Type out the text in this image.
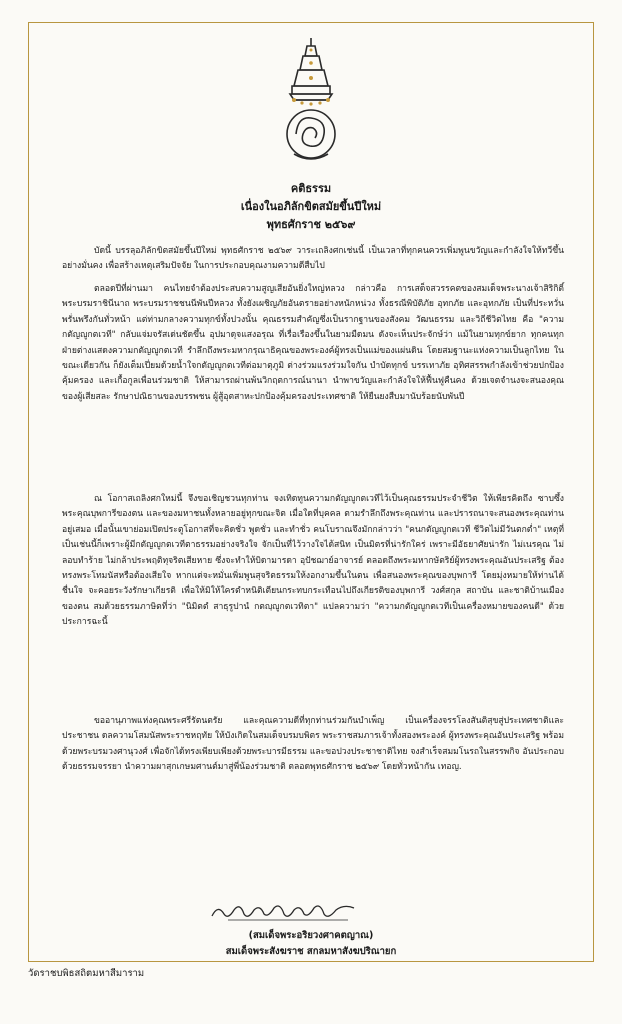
คติธรรม
เนื่องในอภิลักขิตสมัยขึ้นปีใหม่
พุทธศักราช ๒๕๖๙

บัดนี้ บรรลุอภิลักขิตสมัยขึ้นปีใหม่ พุทธศักราช ๒๕๖๙ วาระเถลิงศกเช่นนี้ เป็นเวลาที่ทุกคนควรเพิ่มพูนขวัญและกำลังใจให้ทวีขึ้นอย่างมั่นคง เพื่อสร้างเหตุเสริมปัจจัย ในการประกอบคุณงามความดีสืบไป

ตลอดปีที่ผ่านมา คนไทยจำต้องประสบความสูญเสียอันยิ่งใหญ่หลวง กล่าวคือ การเสด็จสวรรคตของสมเด็จพระนางเจ้าสิริกิติ์ พระบรมราชินีนาถ พระบรมราชชนนีพันปีหลวง ทั้งยังเผชิญภัยอันตรายอย่างหนักหน่วง ทั้งธรณีพิบัติภัย อุทกภัย และอุทกภัย เป็นที่ประหวั่นพรั่นพรึงกันทั่วหน้า แต่ท่ามกลางความทุกข์ทั้งปวงนั้น คุณธรรมสำคัญซึ่งเป็นรากฐานของสังคม วัฒนธรรม และวิถีชีวิตไทย คือ "ความกตัญญูกตเวที" กลับแจ่มจรัสเด่นชัดขึ้น อุปมาดุจแสงอรุณ ที่เรื่อเรืองขึ้นในยามมืดมน ดังจะเห็นประจักษ์ว่า แม้ในยามทุกข์ยาก ทุกคนทุกฝ่ายต่างแสดงความกตัญญูกตเวที รำลึกถึงพระมหากรุณาธิคุณของพระองค์ผู้ทรงเป็นแม่ของแผ่นดิน โดยสมฐานะแห่งความเป็นลูกไทย ในขณะเดียวกัน ก็ยังเต็มเปี่ยมด้วยน้ำใจกตัญญูกตเวทีต่อมาตุภูมิ ต่างร่วมแรงร่วมใจกัน บำบัดทุกข์ บรรเทาภัย อุทิศสรรพกำลังเข้าช่วยปกป้อง คุ้มครอง และเกื้อกูลเพื่อนร่วมชาติ ให้สามารถผ่านพ้นวิกฤตการณ์นานา นำพาขวัญและกำลังใจให้ฟื้นฟูคืนคง ด้วยเจตจำนงจะสนองคุณของผู้เสียสละ รักษาปณิธานของบรรพชน ผู้สู้อุตสาหะปกป้องคุ้มครองประเทศชาติ ให้ยืนยงสืบมานับร้อยนับพันปี

ณ โอกาสเถลิงศกใหม่นี้ จึงขอเชิญชวนทุกท่าน จงเทิดทูนความกตัญญูกตเวทีไว้เป็นคุณธรรมประจำชีวิต ให้เพียรคิดถึง ซาบซึ้งพระคุณบุพการีของตน และของมหาชนทั้งหลายอยู่ทุกขณะจิต เมื่อใดที่บุคคล ตามรำลึกถึงพระคุณท่าน และปรารถนาจะสนองพระคุณท่านอยู่เสมอ เมื่อนั้นเขาย่อมเปิดประตูโอกาสที่จะคิดชั่ว พูดชั่ว และทำชั่ว คนโบราณจึงมักกล่าวว่า "คนกตัญญูกตเวที ชีวิตไม่มีวันตกต่ำ" เหตุที่เป็นเช่นนี้ก็เพราะผู้มีกตัญญูกตเวทีตาธรรมอย่างจริงใจ จักเป็นที่ไว้วางใจได้สนิท เป็นมิตรที่น่ารักใคร่ เพราะมีอัธยาศัยน่ารัก ไม่เนรคุณ ไม่ลอบทำร้าย ไม่กล้าประพฤติทุจริตเสียหาย ซึ่งจะทำให้บิดามารดา อุปัชฌาย์อาจารย์ ตลอดถึงพระมหากษัตริย์ผู้ทรงพระคุณอันประเสริฐ ต้องทรงพระโทมนัสหรือต้องเสียใจ หากแต่จะหมั่นเพิ่มพูนสุจริตธรรมให้งอกงามขึ้นในตน เพื่อสนองพระคุณของบุพการี โดยมุ่งหมายให้ท่านได้ชื่นใจ จะคอยระวังรักษาเกียรติ เพื่อให้มิให้ใครตำหนิติเตียนกระทบกระเทือนไปถึงเกียรติของบุพการี วงศ์สกุล สถาบัน และชาติบ้านเมืองของตน สมด้วยธรรมภาษิตที่ว่า "นิมิตตํ สาธุรูปานํ กตญฺญูกตเวทิตา" แปลความว่า "ความกตัญญูกตเวทีเป็นเครื่องหมายของคนดี" ด้วยประการฉะนี้

ขออานุภาพแห่งคุณพระศรีรัตนตรัย และคุณความดีที่ทุกท่านร่วมกันบำเพ็ญ เป็นเครื่องจรรโลงสันติสุขสู่ประเทศชาติและประชาชน ดลความโสมนัสพระราชหฤทัย ให้บังเกิดในสมเด็จบรมบพิตร พระราชสมภารเจ้าทั้งสองพระองค์ ผู้ทรงพระคุณอันประเสริฐ พร้อมด้วยพระบรมวงศานุวงศ์ เพื่อจักได้ทรงเพียบเพียงด้วยพระบารมีธรรม และขอปวงประชาชาติไทย จงสำเร็จสมมโนรถในสรรพกิจ อันประกอบด้วยธรรมจรรยา นำความผาสุกเกษมศานต์มาสู่พี่น้องร่วมชาติ ตลอดพุทธศักราช ๒๕๖๙ โดยทั่วหน้ากัน เทอญ.

(สมเด็จพระอริยวงศาคตญาณ)
สมเด็จพระสังฆราช สกลมหาสังฆปริณายก
วัดราชบพิธสถิตมหาสีมาราม
